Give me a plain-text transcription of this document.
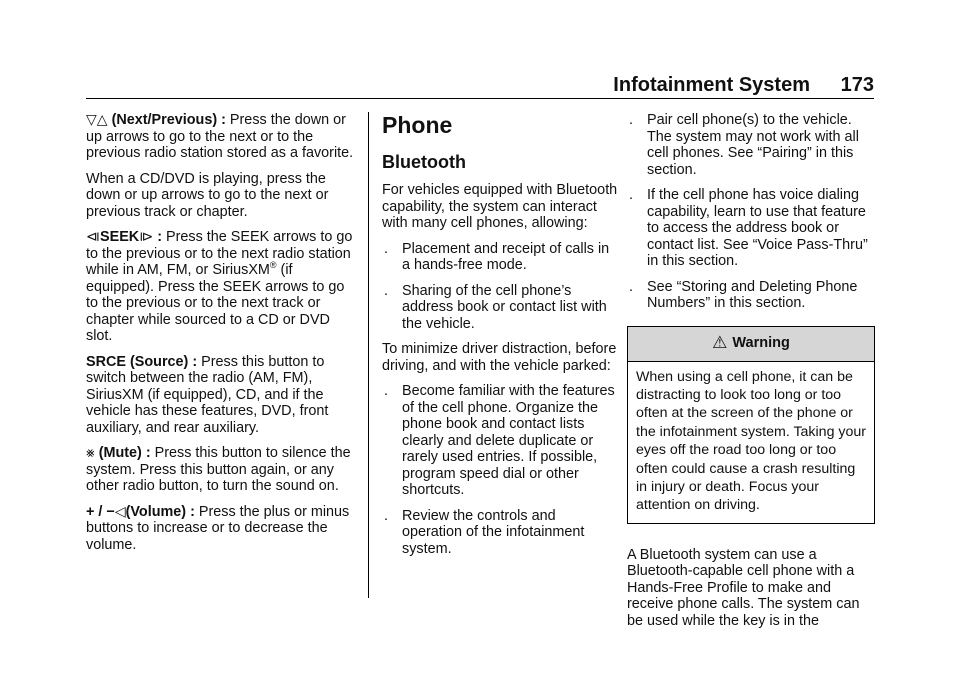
Infotainment System 173

▽△ (Next/Previous) : Press the down or up arrows to go to the next or to the previous radio station stored as a favorite.

When a CD/DVD is playing, press the down or up arrows to go to the next or previous track or chapter.

⧏SEEK⧐ : Press the SEEK arrows to go to the previous or to the next radio station while in AM, FM, or SiriusXM® (if equipped). Press the SEEK arrows to go to the previous or to the next track or chapter while sourced to a CD or DVD slot.

SRCE (Source) : Press this button to switch between the radio (AM, FM), SiriusXM (if equipped), CD, and if the vehicle has these features, DVD, front auxiliary, and rear auxiliary.

⨳ (Mute) : Press this button to silence the system. Press this button again, or any other radio button, to turn the sound on.

+ / −◁(Volume) : Press the plus or minus buttons to increase or to decrease the volume.

Phone
Bluetooth

For vehicles equipped with Bluetooth capability, the system can interact with many cell phones, allowing:

. Placement and receipt of calls in a hands-free mode.
. Sharing of the cell phone’s address book or contact list with the vehicle.

To minimize driver distraction, before driving, and with the vehicle parked:

. Become familiar with the features of the cell phone. Organize the phone book and contact lists clearly and delete duplicate or rarely used entries. If possible, program speed dial or other shortcuts.
. Review the controls and operation of the infotainment system.
. Pair cell phone(s) to the vehicle. The system may not work with all cell phones. See “Pairing” in this section.
. If the cell phone has voice dialing capability, learn to use that feature to access the address book or contact list. See “Voice Pass-Thru” in this section.
. See “Storing and Deleting Phone Numbers” in this section.
⚠ Warning
When using a cell phone, it can be distracting to look too long or too often at the screen of the phone or the infotainment system. Taking your eyes off the road too long or too often could cause a crash resulting in injury or death. Focus your attention on driving.

A Bluetooth system can use a Bluetooth-capable cell phone with a Hands-Free Profile to make and receive phone calls. The system can be used while the key is in the
